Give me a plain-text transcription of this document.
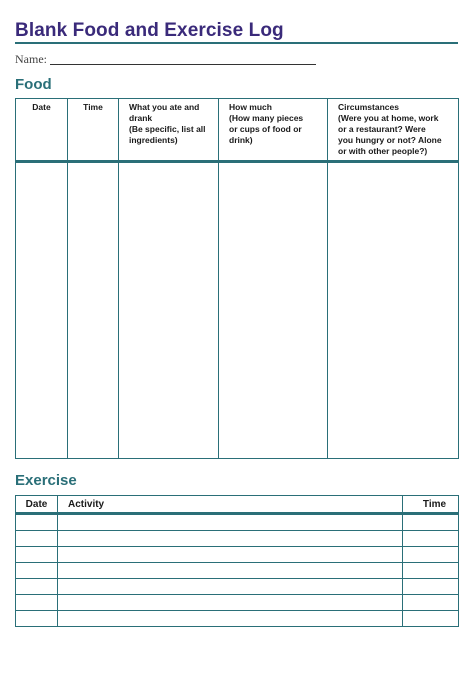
Blank Food and Exercise Log
Name:
Food
Date	Time	What you ate and
drank
(Be specific, list all
ingredients)	How much
(How many pieces
or cups of food or
drink)	Circumstances
(Were you at home, work
or a restaurant? Were
you hungry or not? Alone
or with other people?)

Exercise
Date	Activity	Time
